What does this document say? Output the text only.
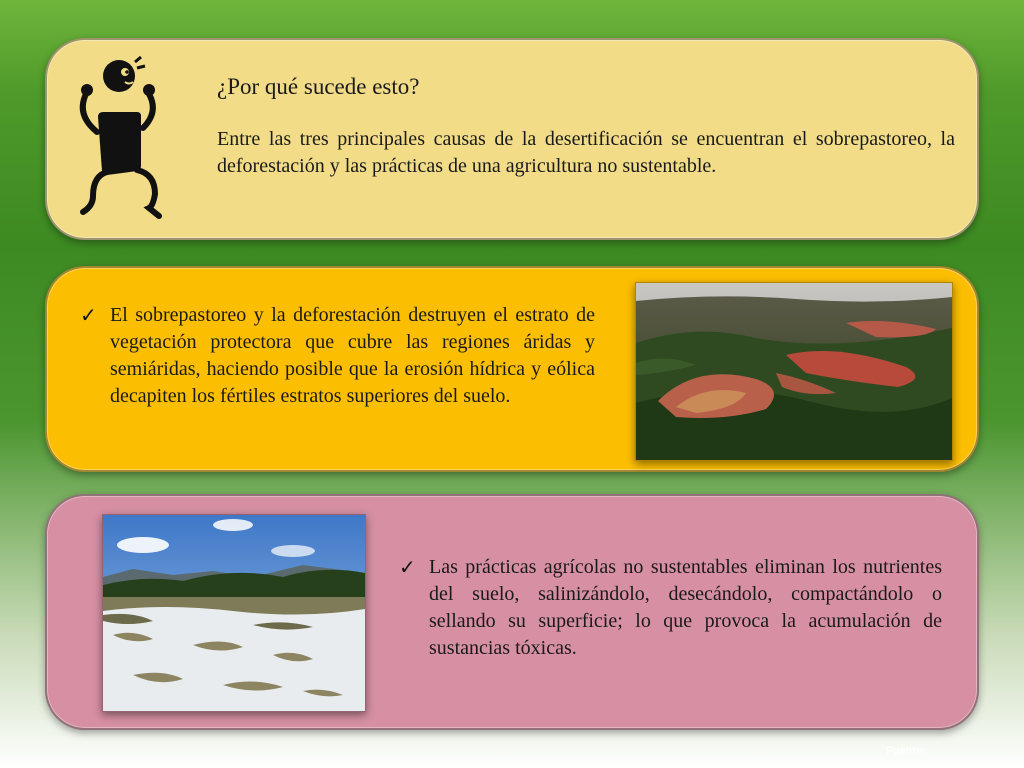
¿Por qué sucede esto?

Entre las tres principales causas de la desertificación se encuentran el sobrepastoreo, la deforestación y las prácticas de una agricultura no sustentable.

✓ El sobrepastoreo y la deforestación destruyen el estrato de vegetación protectora que cubre las regiones áridas y semiáridas, haciendo posible que la erosión hídrica y eólica decapiten los fértiles estratos superiores del suelo.
✓ Las prácticas agrícolas no sustentables eliminan los nutrientes del suelo, salinizándolo, desecándolo, compactándolo o sellando su superficie; lo que provoca la acumulación de sustancias tóxicas.
Fuente:
